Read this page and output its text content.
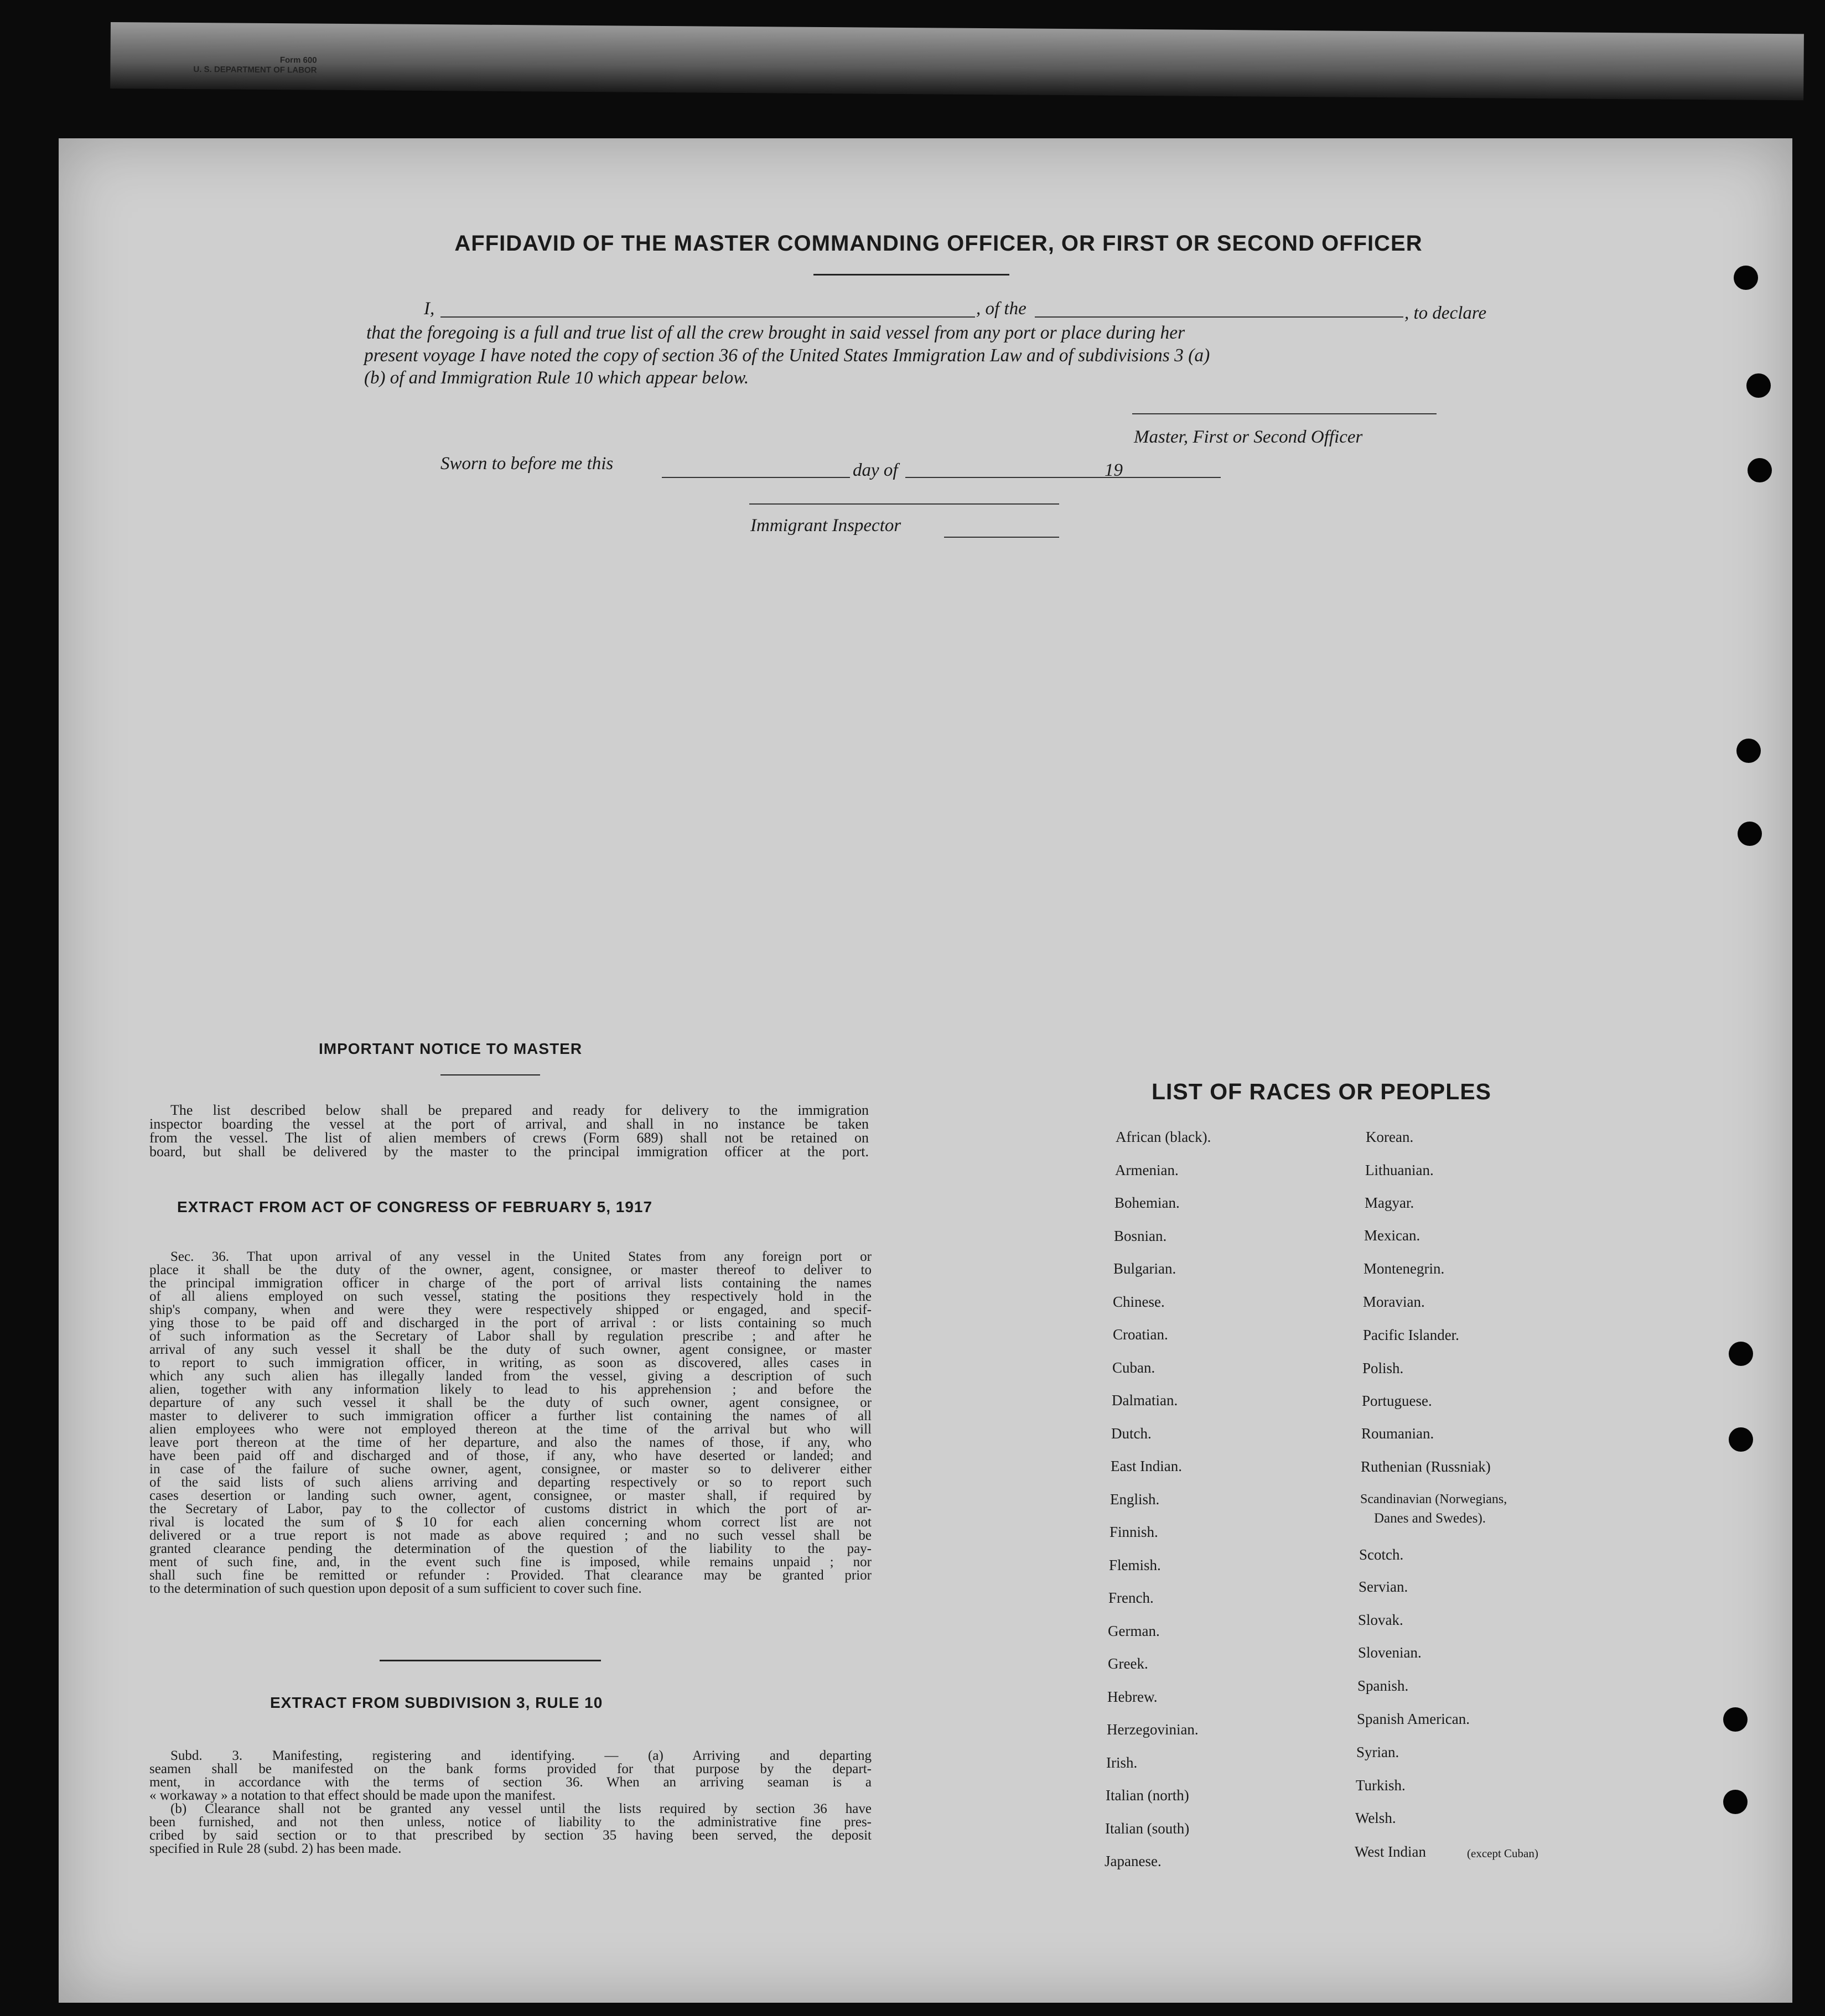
Form 600
U. S. DEPARTMENT OF LABOR
AFFIDAVID OF THE MASTER COMMANDING OFFICER, OR FIRST OR SECOND OFFICER
I,	, of the	, to declare
that the foregoing is a full and true list of all the crew brought in said vessel from any port or place during her
present voyage I have noted the copy of section 36 of the United States Immigration Law and of subdivisions 3 (a)
(b) of and Immigration Rule 10 which appear below.
Master, First or Second Officer
Sworn to before me this	day of	19
Immigrant Inspector
IMPORTANT NOTICE TO MASTER
The list described below shall be prepared and ready for delivery to the immigration
inspector boarding the vessel at the port of arrival, and shall in no instance be taken
from the vessel. The list of alien members of crews (Form 689) shall not be retained on
board, but shall be delivered by the master to the principal immigration officer at the port.
EXTRACT FROM ACT OF CONGRESS OF FEBRUARY 5, 1917
Sec. 36. That upon arrival of any vessel in the United States from any foreign port or
place it shall be the duty of the owner, agent, consignee, or master thereof to deliver to
the principal immigration officer in charge of the port of arrival lists containing the names
of all aliens employed on such vessel, stating the positions they respectively hold in the
ship's company, when and were they were respectively shipped or engaged, and specif-
ying those to be paid off and discharged in the port of arrival : or lists containing so much
of such information as the Secretary of Labor shall by regulation prescribe ; and after he
arrival of any such vessel it shall be the duty of such owner, agent consignee, or master
to report to such immigration officer, in writing, as soon as discovered, alles cases in
which any such alien has illegally landed from the vessel, giving a description of such
alien, together with any information likely to lead to his apprehension ; and before the
departure of any such vessel it shall be the duty of such owner, agent consignee, or
master to deliverer to such immigration officer a further list containing the names of all
alien employees who were not employed thereon at the time of the arrival but who will
leave port thereon at the time of her departure, and also the names of those, if any, who
have been paid off and discharged and of those, if any, who have deserted or landed; and
in case of the failure of suche owner, agent, consignee, or master so to deliverer either
of the said lists of such aliens arriving and departing respectively or so to report such
cases desertion or landing such owner, agent, consignee, or master shall, if required by
the Secretary of Labor, pay to the collector of customs district in which the port of ar-
rival is located the sum of $ 10 for each alien concerning whom correct list are not
delivered or a true report is not made as above required ; and no such vessel shall be
granted clearance pending the determination of the question of the liability to the pay-
ment of such fine, and, in the event such fine is imposed, while remains unpaid ; nor
shall such fine be remitted or refunder : Provided. That clearance may be granted prior
to the determination of such question upon deposit of a sum sufficient to cover such fine.
EXTRACT FROM SUBDIVISION 3, RULE 10
Subd. 3. Manifesting, registering and identifying. — (a) Arriving and departing
seamen shall be manifested on the bank forms provided for that purpose by the depart-
ment, in accordance with the terms of section 36. When an arriving seaman is a
« workaway » a notation to that effect should be made upon the manifest.
(b) Clearance shall not be granted any vessel until the lists required by section 36 have
been furnished, and not then unless, notice of liability to the administrative fine pres-
cribed by said section or to that prescribed by section 35 having been served, the deposit
specified in Rule 28 (subd. 2) has been made.
LIST OF RACES OR PEOPLES
African (black).
Armenian.
Bohemian.
Bosnian.
Bulgarian.
Chinese.
Croatian.
Cuban.
Dalmatian.
Dutch.
East Indian.
English.
Finnish.
Flemish.
French.
German.
Greek.
Hebrew.
Herzegovinian.
Irish.
Italian (north)
Italian (south)
Japanese.
Korean.
Lithuanian.
Magyar.
Mexican.
Montenegrin.
Moravian.
Pacific Islander.
Polish.
Portuguese.
Roumanian.
Ruthenian (Russniak)
Scandinavian (Norwegians,
Danes and Swedes).
Scotch.
Servian.
Slovak.
Slovenian.
Spanish.
Spanish American.
Syrian.
Turkish.
Welsh.
West Indian	(except Cuban)
